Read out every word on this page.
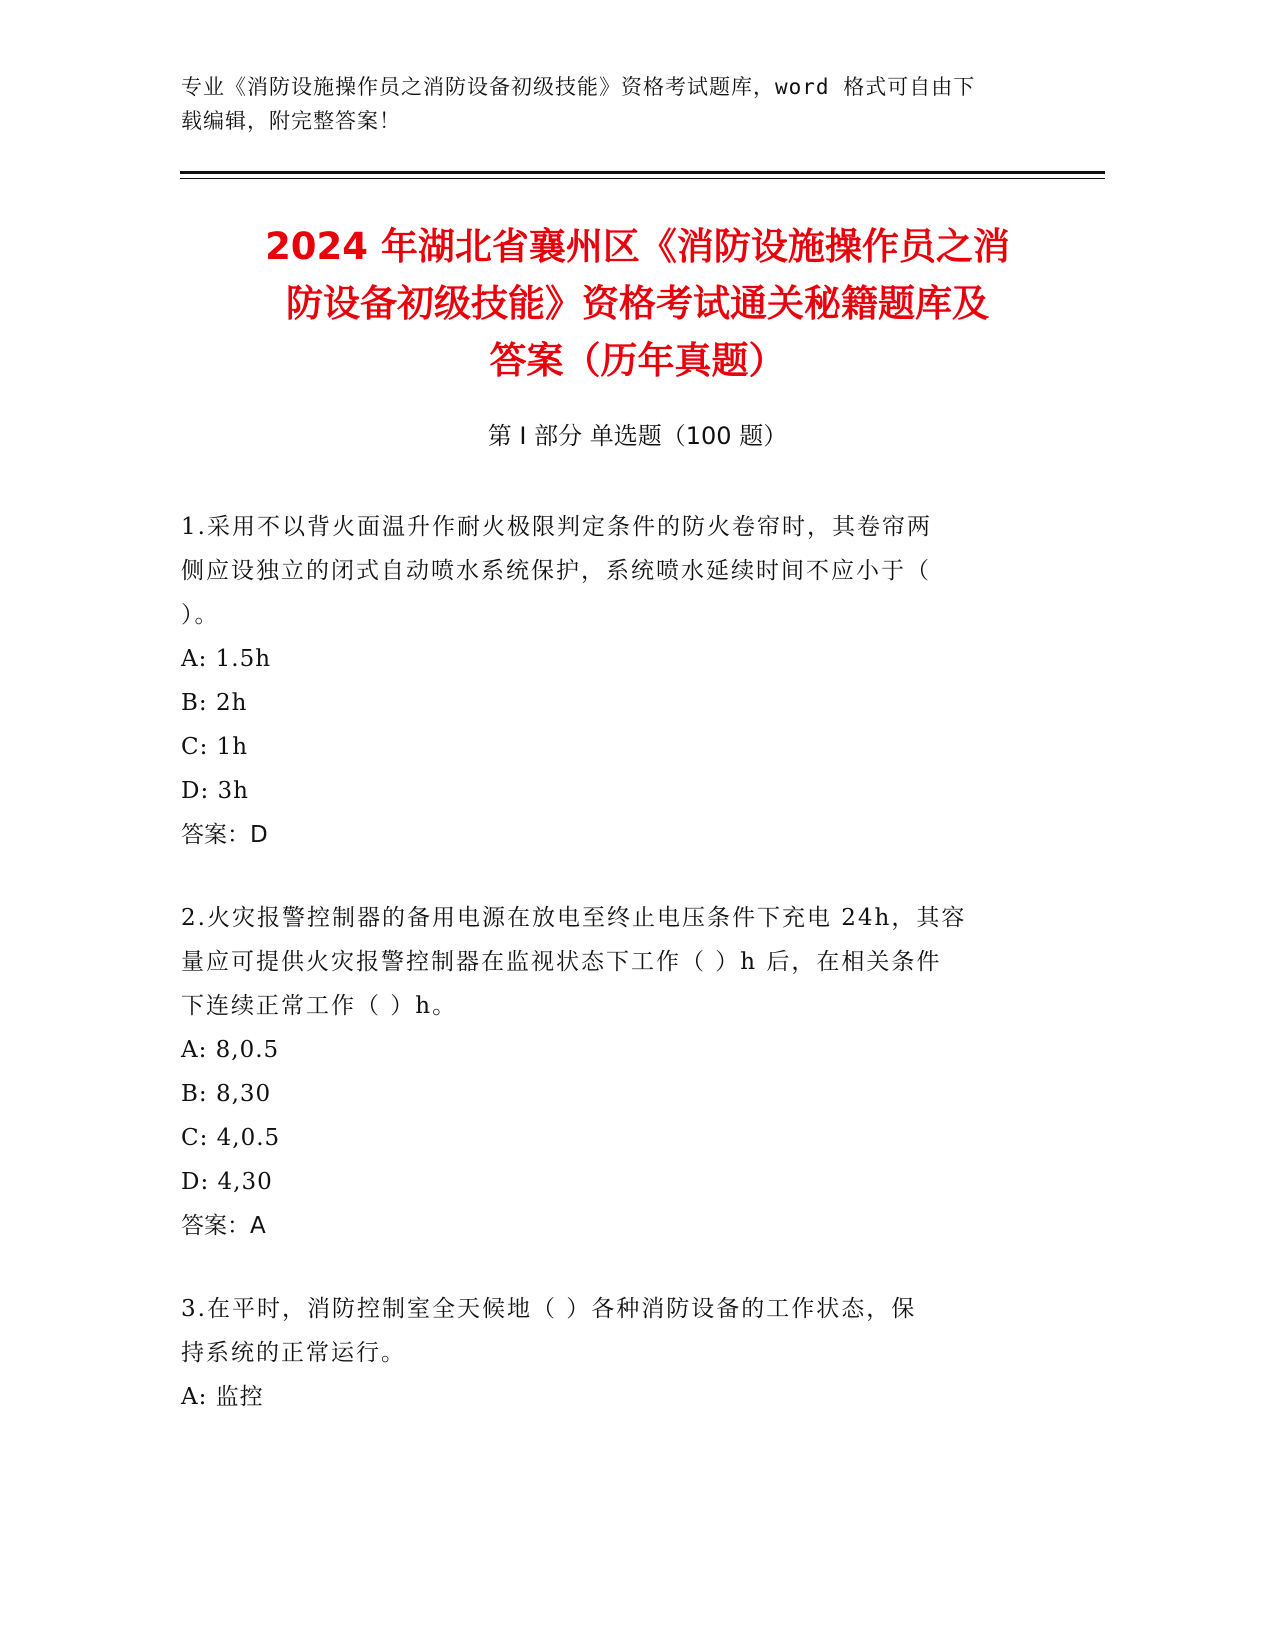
专业《消防设施操作员之消防设备初级技能》资格考试题库，word 格式可自由下
载编辑，附完整答案！
2024 年湖北省襄州区《消防设施操作员之消
防设备初级技能》资格考试通关秘籍题库及
答案（历年真题）
第 I 部分 单选题（100 题）
1.采用不以背火面温升作耐火极限判定条件的防火卷帘时，其卷帘两
侧应设独立的闭式自动喷水系统保护，系统喷水延续时间不应小于（
）。
A: 1.5h
B: 2h
C: 1h
D: 3h
答案：D
2.火灾报警控制器的备用电源在放电至终止电压条件下充电 24h，其容
量应可提供火灾报警控制器在监视状态下工作（ ）h 后，在相关条件
下连续正常工作（ ）h。
A: 8,0.5
B: 8,30
C: 4,0.5
D: 4,30
答案：A
3.在平时，消防控制室全天候地（ ）各种消防设备的工作状态，保
持系统的正常运行。
A: 监控
